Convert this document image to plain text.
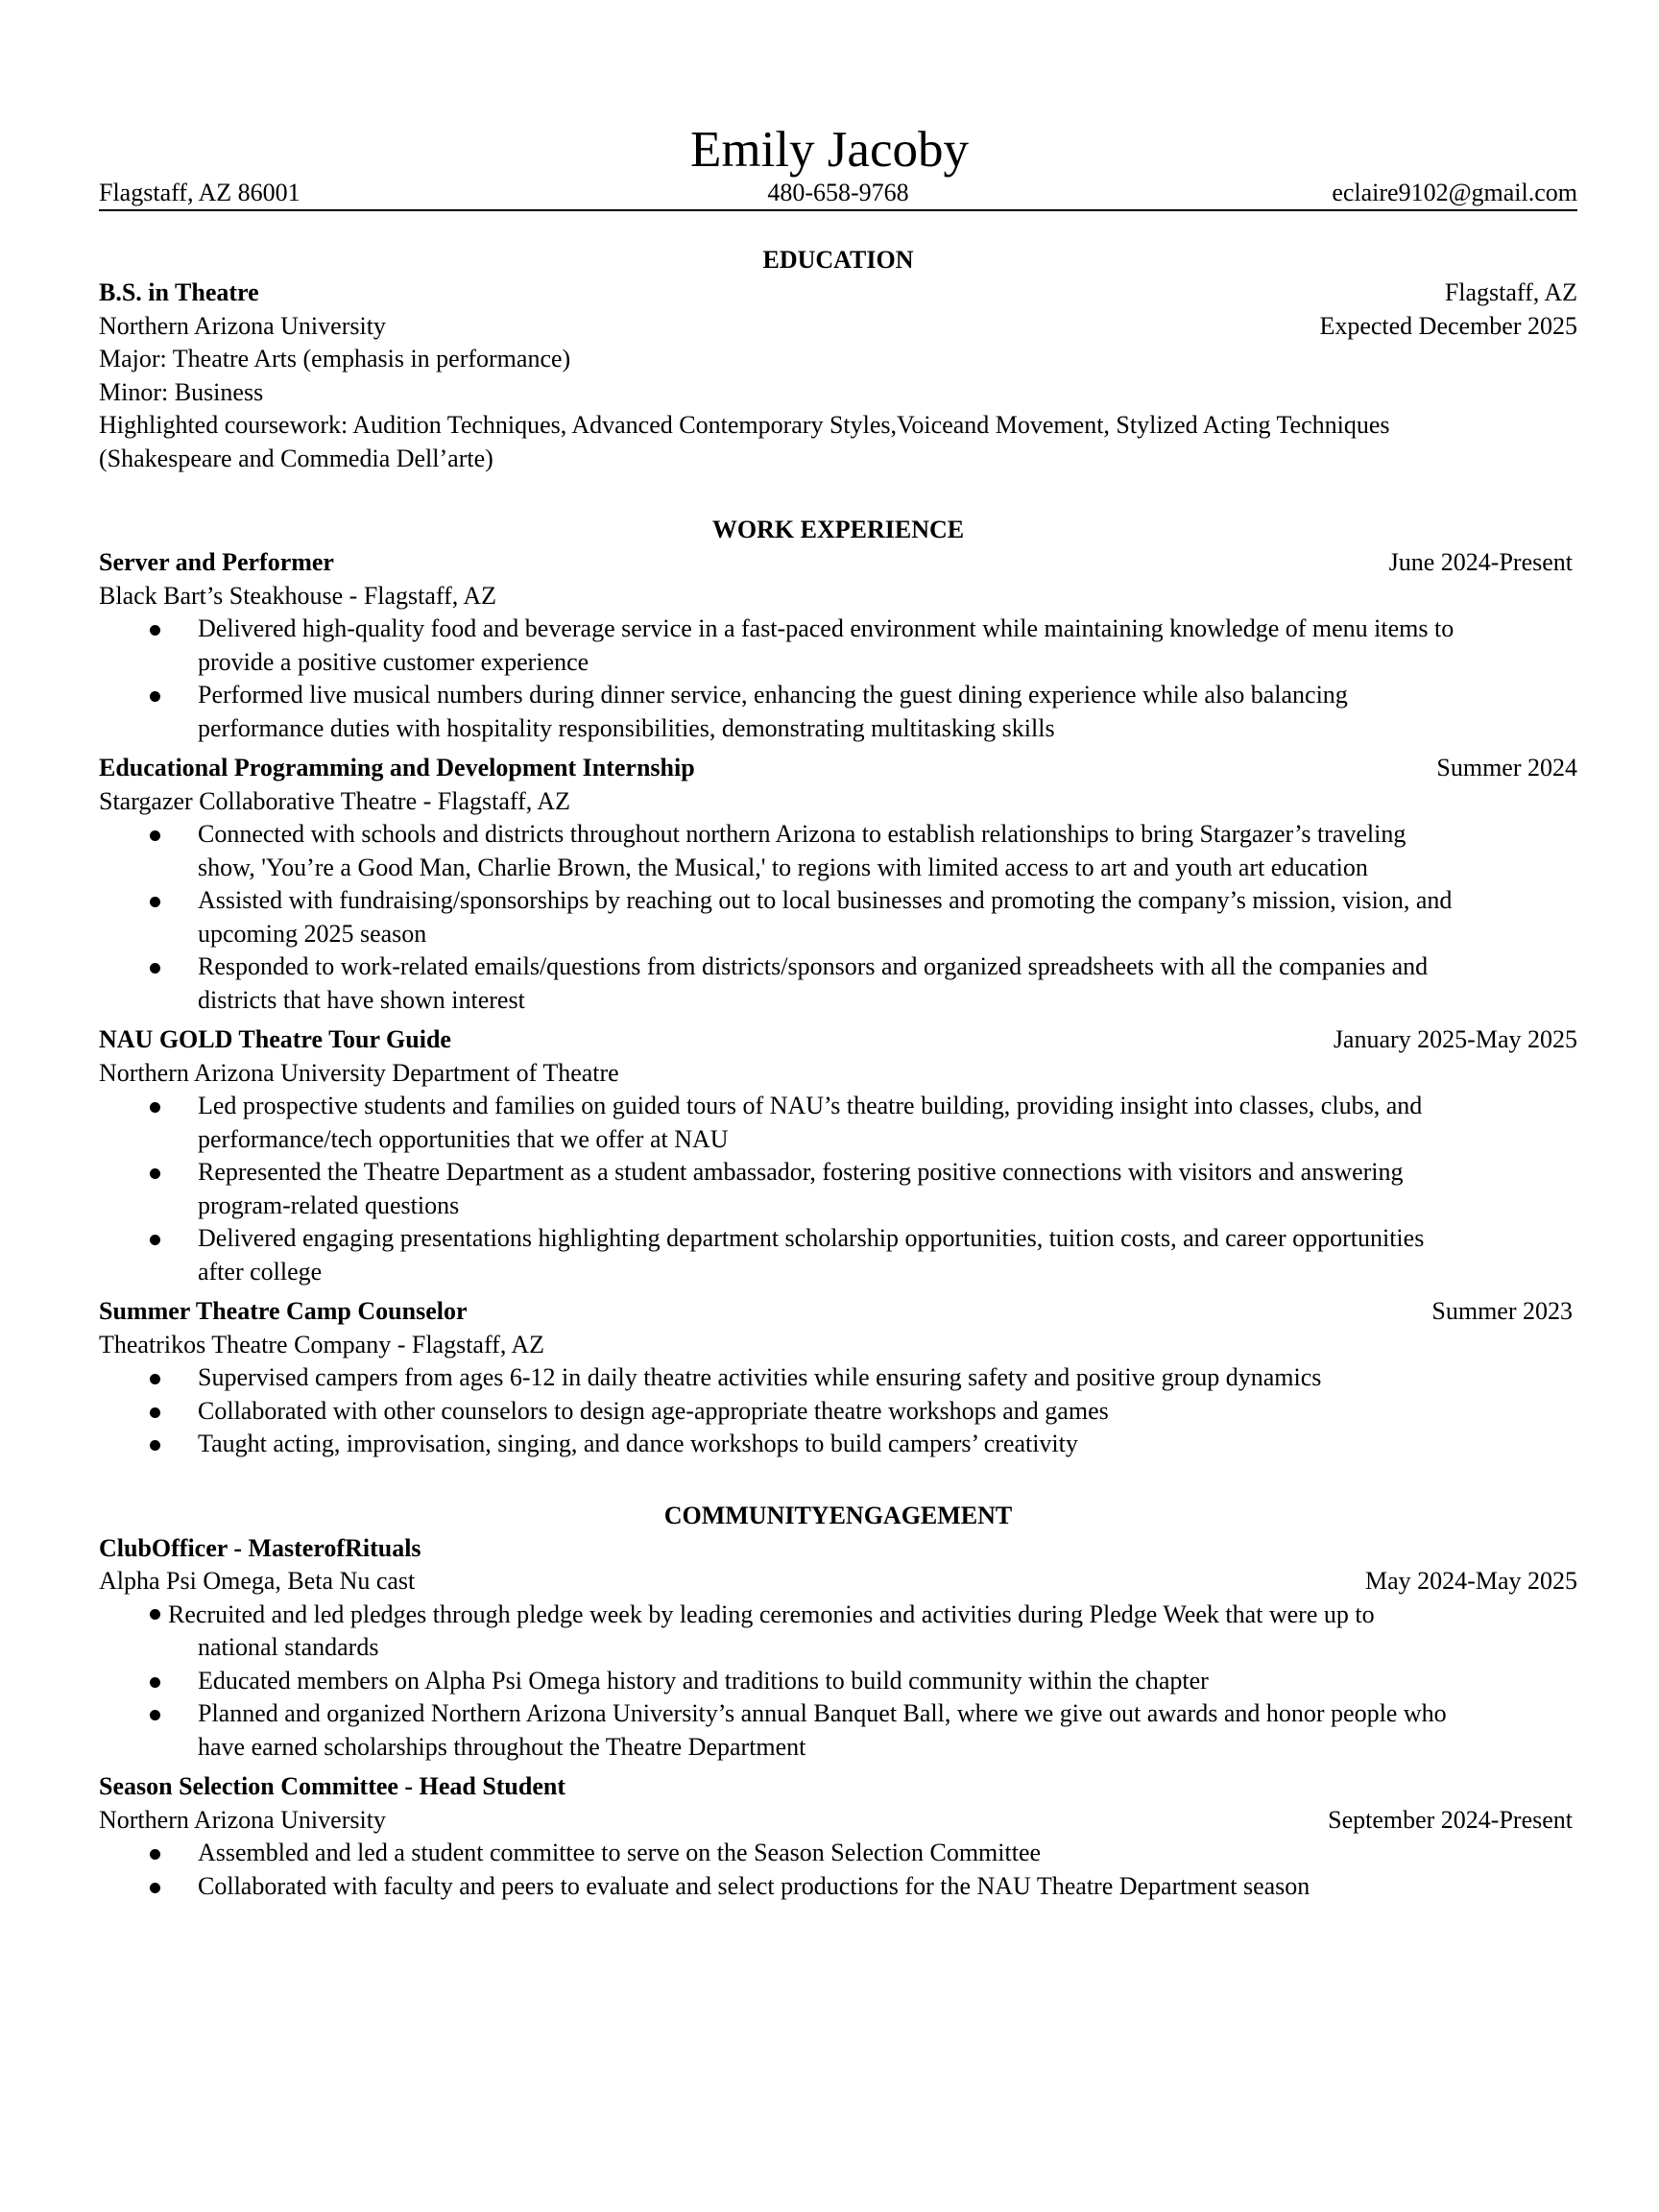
Emily Jacoby
480-658-9768
Flagstaff, AZ 86001	eclaire9102@gmail.com
EDUCATION
B.S. in Theatre	Flagstaff, AZ
Northern Arizona University	Expected December 2025
Major: Theatre Arts (emphasis in performance)
Minor: Business
Highlighted coursework: Audition Techniques, Advanced Contemporary Styles,Voiceand Movement, Stylized Acting Techniques
(Shakespeare and Commedia Dell’arte)
WORK EXPERIENCE
Server and Performer	June 2024-Present
Black Bart’s Steakhouse - Flagstaff, AZ
Delivered high-quality food and beverage service in a fast-paced environment while maintaining knowledge of menu items to
provide a positive customer experience
Performed live musical numbers during dinner service, enhancing the guest dining experience while also balancing
performance duties with hospitality responsibilities, demonstrating multitasking skills
Educational Programming and Development Internship	Summer 2024
Stargazer Collaborative Theatre - Flagstaff, AZ
Connected with schools and districts throughout northern Arizona to establish relationships to bring Stargazer’s traveling
show, 'You’re a Good Man, Charlie Brown, the Musical,' to regions with limited access to art and youth art education
Assisted with fundraising/sponsorships by reaching out to local businesses and promoting the company’s mission, vision, and
upcoming 2025 season
Responded to work-related emails/questions from districts/sponsors and organized spreadsheets with all the companies and
districts that have shown interest
NAU GOLD Theatre Tour Guide	January 2025-May 2025
Northern Arizona University Department of Theatre
Led prospective students and families on guided tours of NAU’s theatre building, providing insight into classes, clubs, and
performance/tech opportunities that we offer at NAU
Represented the Theatre Department as a student ambassador, fostering positive connections with visitors and answering
program-related questions
Delivered engaging presentations highlighting department scholarship opportunities, tuition costs, and career opportunities
after college
Summer Theatre Camp Counselor	Summer 2023
Theatrikos Theatre Company - Flagstaff, AZ
Supervised campers from ages 6-12 in daily theatre activities while ensuring safety and positive group dynamics
Collaborated with other counselors to design age-appropriate theatre workshops and games
Taught acting, improvisation, singing, and dance workshops to build campers’ creativity
COMMUNITYENGAGEMENT
ClubOfficer - MasterofRituals
Alpha Psi Omega, Beta Nu cast	May 2024-May 2025
Recruited and led pledges through pledge week by leading ceremonies and activities during Pledge Week that were up to
national standards
Educated members on Alpha Psi Omega history and traditions to build community within the chapter
Planned and organized Northern Arizona University’s annual Banquet Ball, where we give out awards and honor people who
have earned scholarships throughout the Theatre Department
Season Selection Committee - Head Student
Northern Arizona University	September 2024-Present
Assembled and led a student committee to serve on the Season Selection Committee
Collaborated with faculty and peers to evaluate and select productions for the NAU Theatre Department season
